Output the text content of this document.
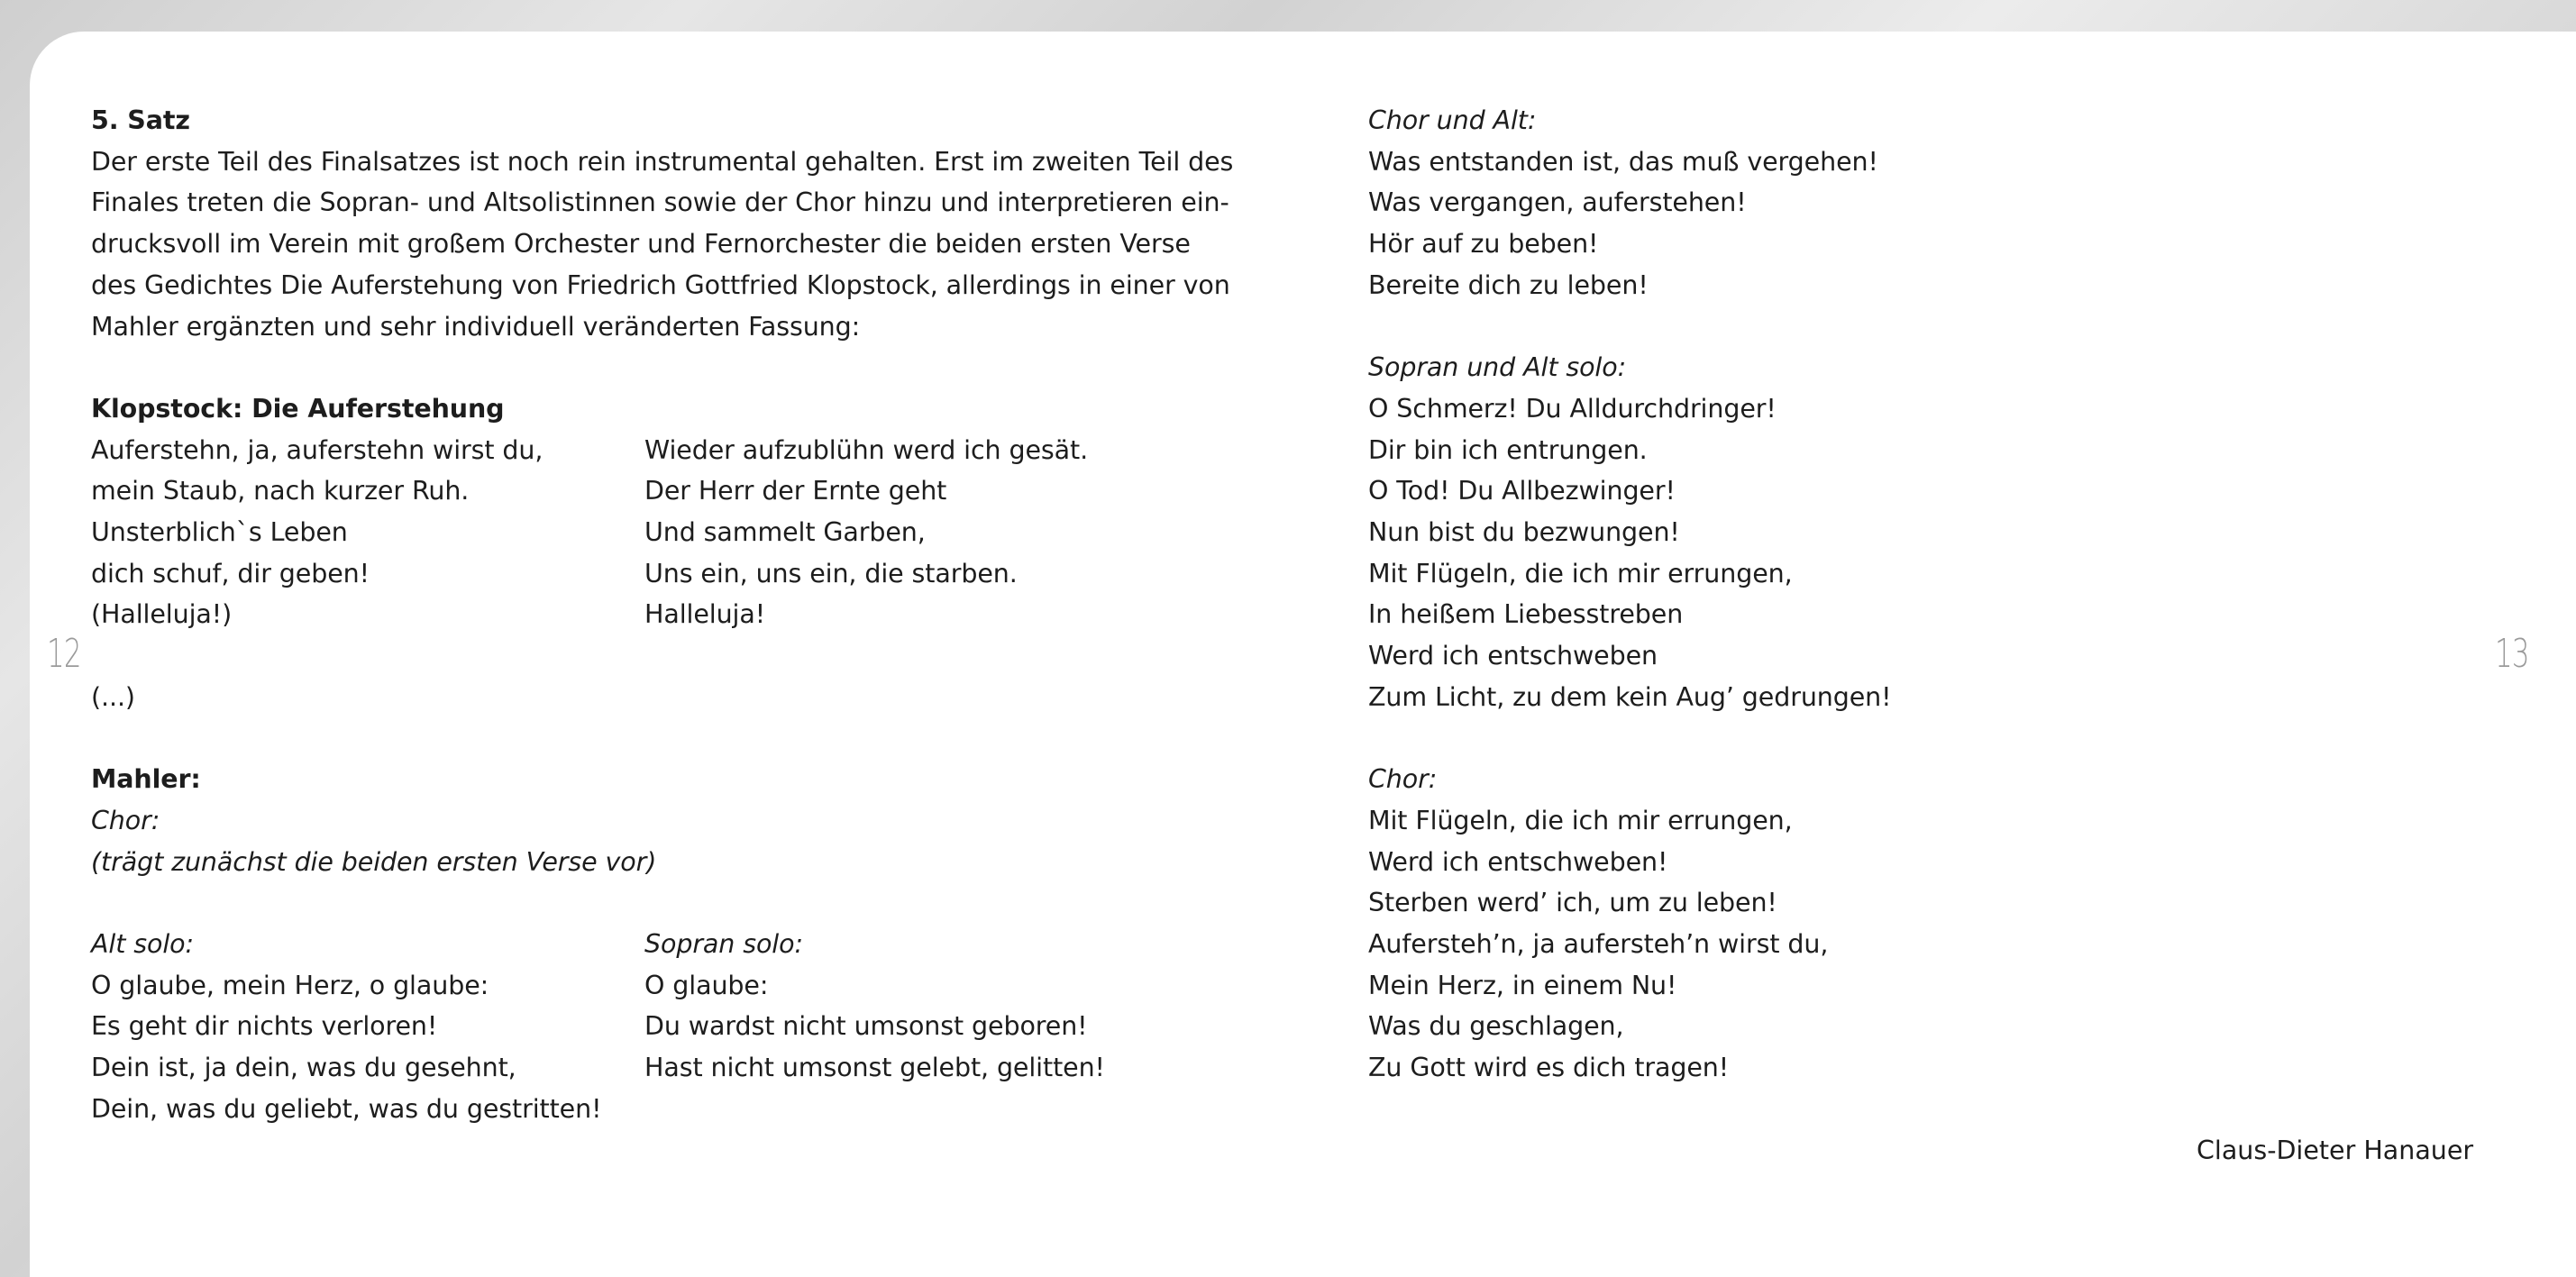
12	13

5. Satz

Der erste Teil des Finalsatzes ist noch rein instrumental gehalten. Erst im zweiten Teil des

Finales treten die Sopran- und Altsolistinnen sowie der Chor hinzu und interpretieren ein-

drucksvoll im Verein mit großem Orchester und Fernorchester die beiden ersten Verse

des Gedichtes Die Auferstehung von Friedrich Gottfried Klopstock, allerdings in einer von

Mahler ergänzten und sehr individuell veränderten Fassung:

Klopstock: Die Auferstehung

Auferstehn, ja, auferstehn wirst du,

mein Staub, nach kurzer Ruh.

Unsterblich`s Leben

dich schuf, dir geben!

(Halleluja!)

Wieder aufzublühn werd ich gesät.

Der Herr der Ernte geht

Und sammelt Garben,

Uns ein, uns ein, die starben.

Halleluja!

(...)

Mahler:

Chor:

(trägt zunächst die beiden ersten Verse vor)

Alt solo:

O glaube, mein Herz, o glaube:

Es geht dir nichts verloren!

Dein ist, ja dein, was du gesehnt,

Dein, was du geliebt, was du gestritten!

Sopran solo:

O glaube:

Du wardst nicht umsonst geboren!

Hast nicht umsonst gelebt, gelitten!

Chor und Alt:

Was entstanden ist, das muß vergehen!

Was vergangen, auferstehen!

Hör auf zu beben!

Bereite dich zu leben!

Sopran und Alt solo:

O Schmerz! Du Alldurchdringer!

Dir bin ich entrungen.

O Tod! Du Allbezwinger!

Nun bist du bezwungen!

Mit Flügeln, die ich mir errungen,

In heißem Liebesstreben

Werd ich entschweben

Zum Licht, zu dem kein Aug’ gedrungen!

Chor:

Mit Flügeln, die ich mir errungen,

Werd ich entschweben!

Sterben werd’ ich, um zu leben!

Aufersteh’n, ja aufersteh’n wirst du,

Mein Herz, in einem Nu!

Was du geschlagen,

Zu Gott wird es dich tragen!

Claus-Dieter Hanauer
